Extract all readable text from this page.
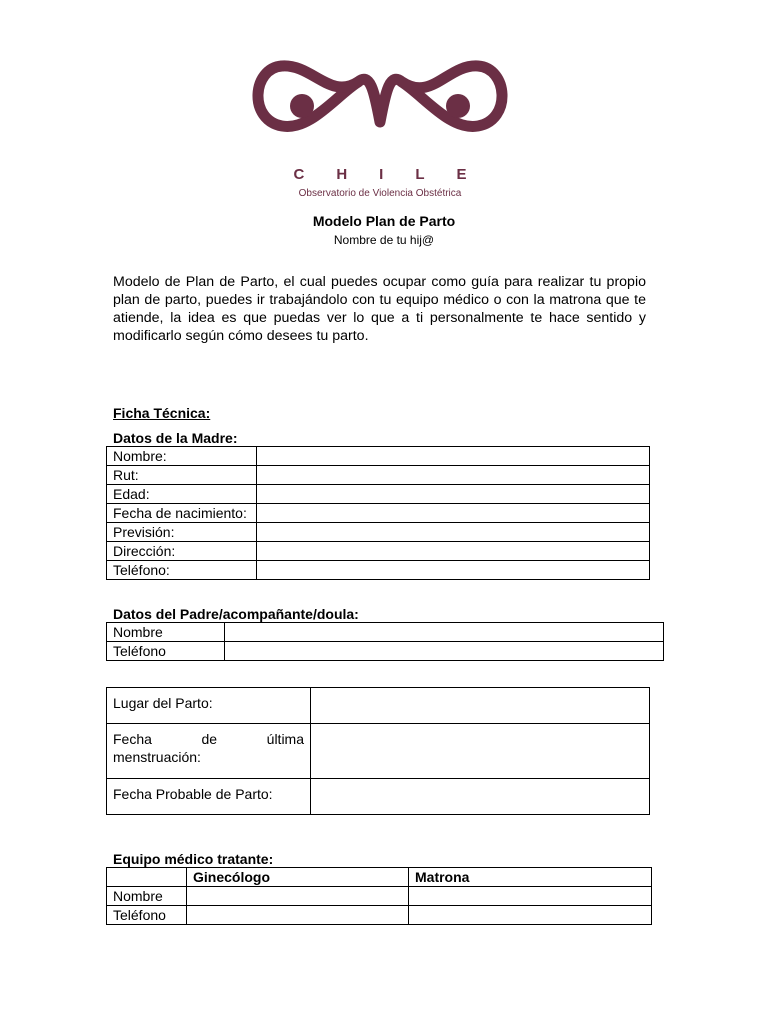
CHILE
Observatorio de Violencia Obstétrica
Modelo Plan de Parto
Nombre de tu hij@

Modelo de Plan de Parto, el cual puedes ocupar como guía para realizar tu propio plan de parto, puedes ir trabajándolo con tu equipo médico o con la matrona que te atiende, la idea es que puedas ver lo que a ti personalmente te hace sentido y modificarlo según cómo desees tu parto.

Ficha Técnica:

Datos de la Madre:

Nombre:	
Rut:	
Edad:	
Fecha de nacimiento:	
Previsión:	
Dirección:	
Teléfono:	

Datos del Padre/acompañante/doula:

Nombre	
Teléfono	
Lugar del Parto:	
Fecha de última menstruación:	
Fecha Probable de Parto:	

Equipo médico tratante:

	Ginecólogo	Matrona
Nombre		
Teléfono		
